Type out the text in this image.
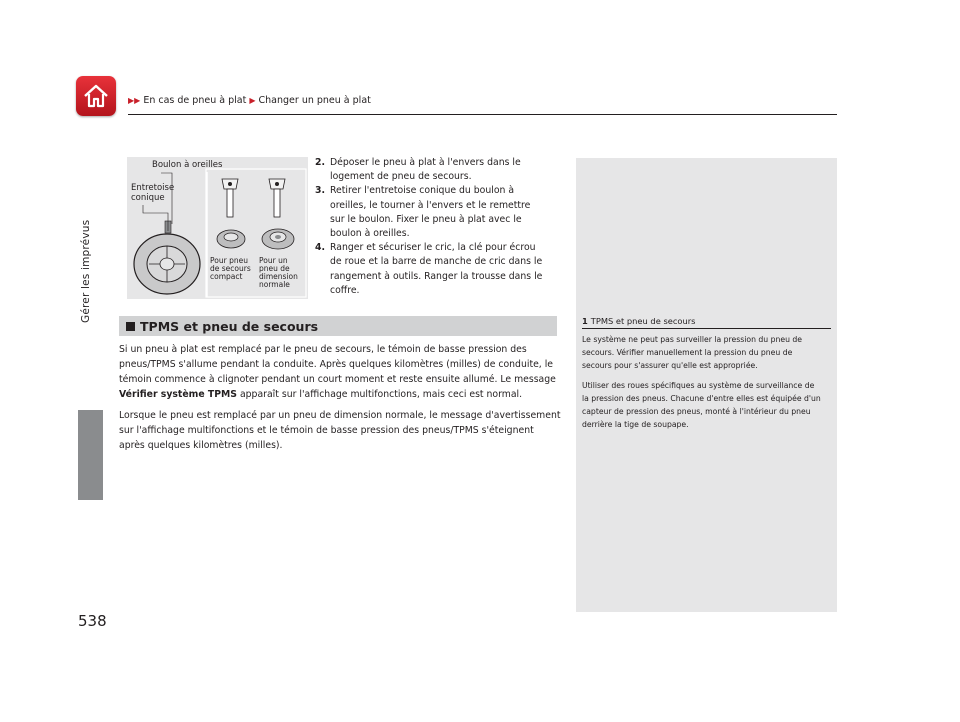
▶▶ En cas de pneu à plat ▶ Changer un pneu à plat
Gérer les imprévus
538
Boulon à oreilles
Entretoise
conique
Pour pneu
de secours
compact
Pour un
pneu de
dimension
normale
2. Déposer le pneu à plat à l'envers dans le logement de pneu de secours.
3. Retirer l'entretoise conique du boulon à oreilles, le tourner à l'envers et le remettre sur le boulon. Fixer le pneu à plat avec le boulon à oreilles.
4. Ranger et sécuriser le cric, la clé pour écrou de roue et la barre de manche de cric dans le rangement à outils. Ranger la trousse dans le coffre.
TPMS et pneu de secours
Si un pneu à plat est remplacé par le pneu de secours, le témoin de basse pression des pneus/TPMS s'allume pendant la conduite. Après quelques kilomètres (milles) de conduite, le témoin commence à clignoter pendant un court moment et reste ensuite allumé. Le message Vérifier système TPMS apparaît sur l'affichage multifonctions, mais ceci est normal.
Lorsque le pneu est remplacé par un pneu de dimension normale, le message d'avertissement sur l'affichage multifonctions et le témoin de basse pression des pneus/TPMS s'éteignent après quelques kilomètres (milles).
1 TPMS et pneu de secours
Le système ne peut pas surveiller la pression du pneu de secours. Vérifier manuellement la pression du pneu de secours pour s'assurer qu'elle est appropriée.
Utiliser des roues spécifiques au système de surveillance de la pression des pneus. Chacune d'entre elles est équipée d'un capteur de pression des pneus, monté à l'intérieur du pneu derrière la tige de soupape.
